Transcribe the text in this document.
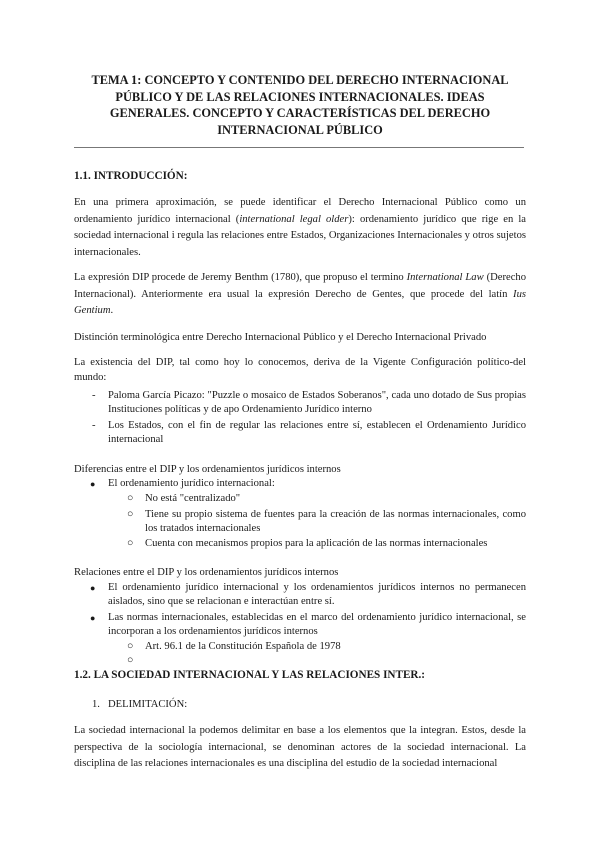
TEMA 1: CONCEPTO Y CONTENIDO DEL DERECHO INTERNACIONAL PÚBLICO Y DE LAS RELACIONES INTERNACIONALES. IDEAS GENERALES. CONCEPTO Y CARACTERÍSTICAS DEL DERECHO INTERNACIONAL PÚBLICO
1.1. INTRODUCCIÓN:

En una primera aproximación, se puede identificar el Derecho Internacional Público como un ordenamiento jurídico internacional (international legal older): ordenamiento jurídico que rige en la sociedad internacional i regula las relaciones entre Estados, Organizaciones Internacionales y otros sujetos internacionales.

La expresión DIP procede de Jeremy Benthm (1780), que propuso el termino International Law (Derecho Internacional). Anteriormente era usual la expresión Derecho de Gentes, que procede del latín Ius Gentium.

Distinción terminológica entre Derecho Internacional Público y el Derecho Internacional Privado

La existencia del DIP, tal como hoy lo conocemos, deriva de la Vigente Configuración político-del mundo:

- Paloma García Picazo: "Puzzle o mosaico de Estados Soberanos", cada uno dotado de Sus propias Instituciones políticas y de apo Ordenamiento Jurídico interno

- Los Estados, con el fin de regular las relaciones entre sí, establecen el Ordenamiento Jurídico internacional

Diferencias entre el DIP y los ordenamientos jurídicos internos

● El ordenamiento jurídico internacional:

○ No está "centralizado"

○ Tiene su propio sistema de fuentes para la creación de las normas internacionales, como los tratados internacionales

○ Cuenta con mecanismos propios para la aplicación de las normas internacionales

Relaciones entre el DIP y los ordenamientos jurídicos internos

● El ordenamiento jurídico internacional y los ordenamientos jurídicos internos no permanecen aislados, sino que se relacionan e interactúan entre sí.

● Las normas internacionales, establecidas en el marco del ordenamiento jurídico internacional, se incorporan a los ordenamientos jurídicos internos

○ Art. 96.1 de la Constitución Española de 1978

○
1.2. LA SOCIEDAD INTERNACIONAL Y LAS RELACIONES INTER.:
1. DELIMITACIÓN:

La sociedad internacional la podemos delimitar en base a los elementos que la integran. Estos, desde la perspectiva de la sociología internacional, se denominan actores de la sociedad internacional. La disciplina de las relaciones internacionales es una disciplina del estudio de la sociedad internacional
